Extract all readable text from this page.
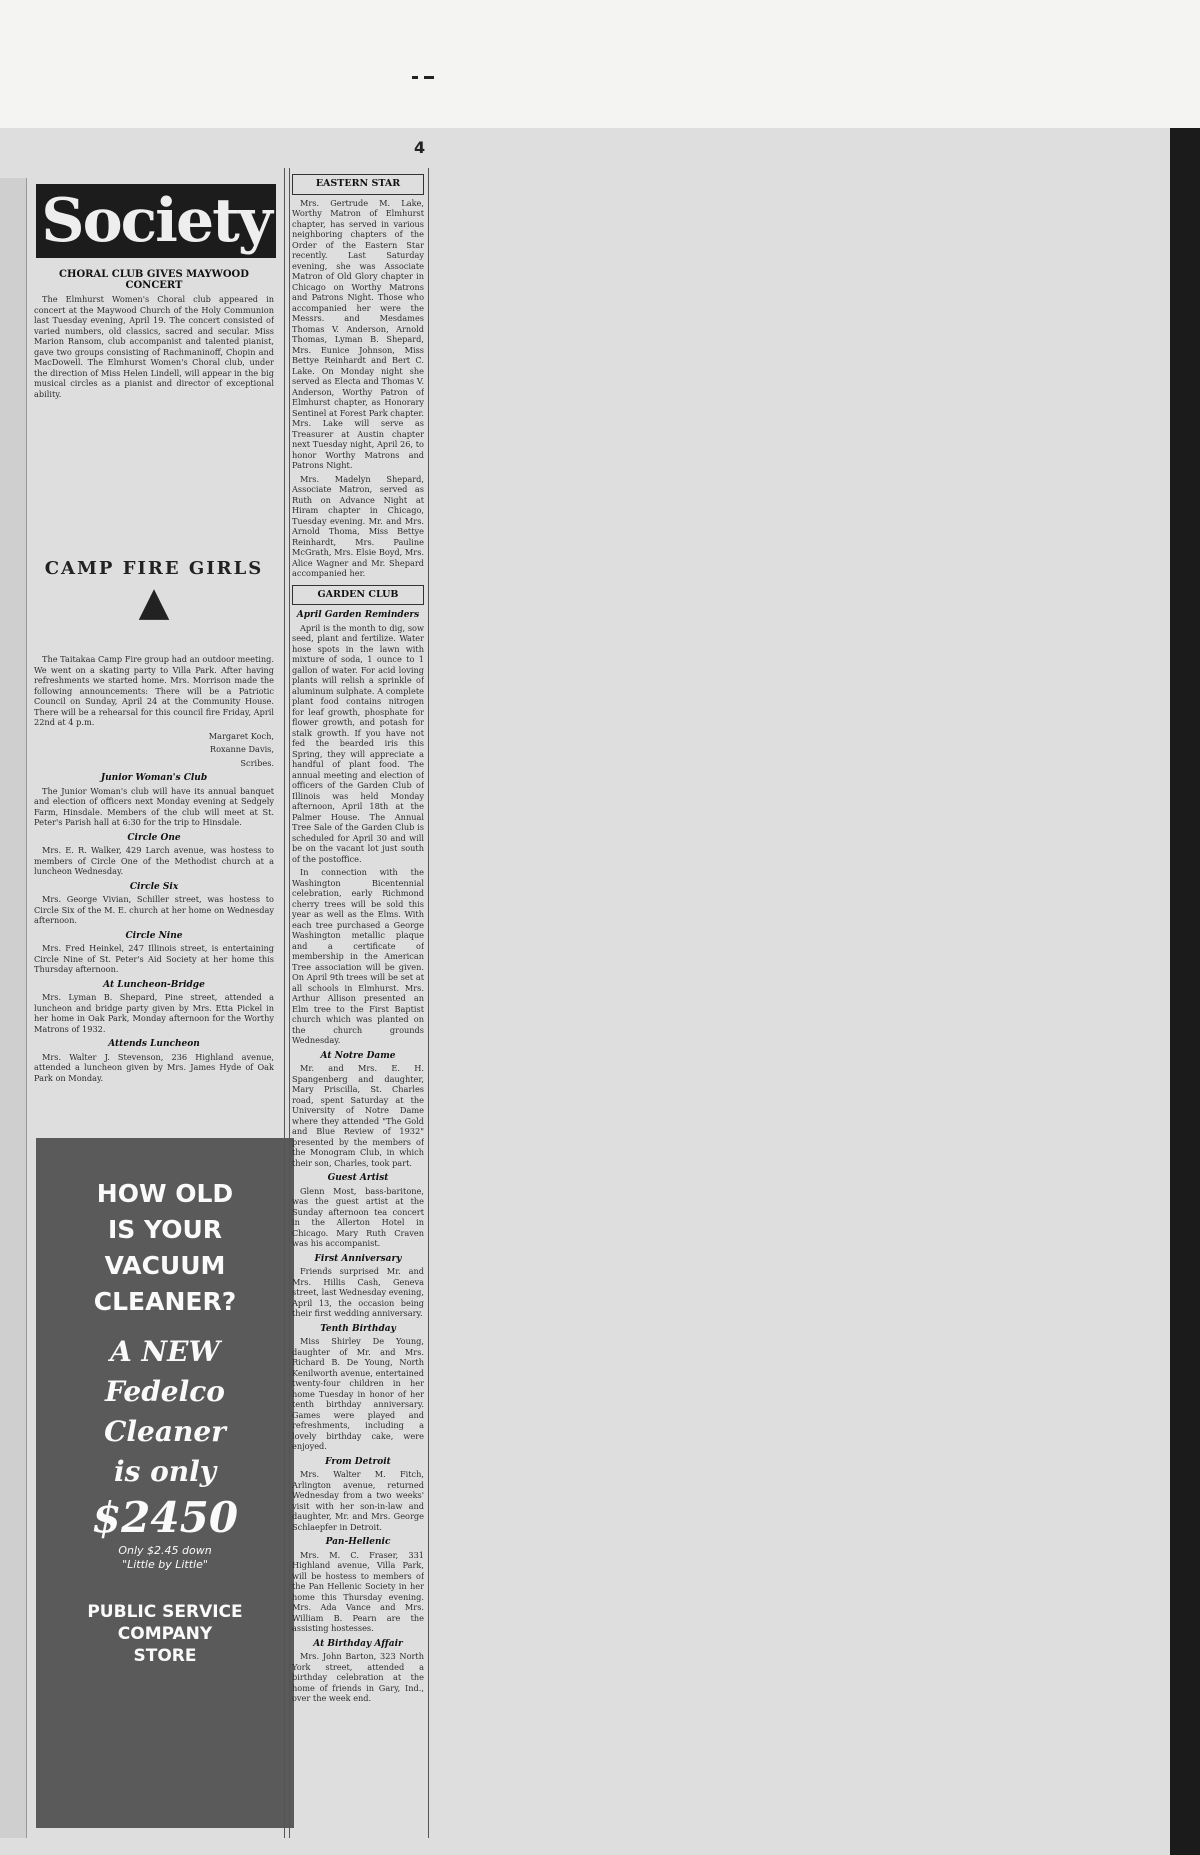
4
Society
CHORAL CLUB GIVES MAYWOOD CONCERT

The Elmhurst Women's Choral club appeared in concert at the Maywood Church of the Holy Communion last Tuesday evening, April 19. The concert consisted of varied numbers, old classics, sacred and secular. Miss Marion Ransom, club accompanist and talented pianist, gave two groups consisting of Rachmaninoff, Chopin and MacDowell. The Elmhurst Women's Choral club, under the direction of Miss Helen Lindell, will appear in the big musical circles as a pianist and director of exceptional ability.

CAMP FIRE GIRLS
▲

The Taitakaa Camp Fire group had an outdoor meeting. We went on a skating party to Villa Park. After having refreshments we started home. Mrs. Morrison made the following announcements: There will be a Patriotic Council on Sunday, April 24 at the Community House. There will be a rehearsal for this council fire Friday, April 22nd at 4 p.m.

Margaret Koch,

Roxanne Davis,

Scribes.

Junior Woman's Club

The Junior Woman's club will have its annual banquet and election of officers next Monday evening at Sedgely Farm, Hinsdale. Members of the club will meet at St. Peter's Parish hall at 6:30 for the trip to Hinsdale.

Circle One

Mrs. E. R. Walker, 429 Larch avenue, was hostess to members of Circle One of the Methodist church at a luncheon Wednesday.

Circle Six

Mrs. George Vivian, Schiller street, was hostess to Circle Six of the M. E. church at her home on Wednesday afternoon.

Circle Nine

Mrs. Fred Heinkel, 247 Illinois street, is entertaining Circle Nine of St. Peter's Aid Society at her home this Thursday afternoon.

At Luncheon-Bridge

Mrs. Lyman B. Shepard, Pine street, attended a luncheon and bridge party given by Mrs. Etta Pickel in her home in Oak Park, Monday afternoon for the Worthy Matrons of 1932.

Attends Luncheon

Mrs. Walter J. Stevenson, 236 Highland avenue, attended a luncheon given by Mrs. James Hyde of Oak Park on Monday.

HOW OLD
IS YOUR
VACUUM
CLEANER?
A NEW
Fedelco
Cleaner
is only
$2450
Only $2.45 down
"Little by Little"
PUBLIC SERVICE
COMPANY
STORE
EASTERN STAR

Mrs. Gertrude M. Lake, Worthy Matron of Elmhurst chapter, has served in various neighboring chapters of the Order of the Eastern Star recently. Last Saturday evening, she was Associate Matron of Old Glory chapter in Chicago on Worthy Matrons and Patrons Night. Those who accompanied her were the Messrs. and Mesdames Thomas V. Anderson, Arnold Thomas, Lyman B. Shepard, Mrs. Eunice Johnson, Miss Bettye Reinhardt and Bert C. Lake. On Monday night she served as Electa and Thomas V. Anderson, Worthy Patron of Elmhurst chapter, as Honorary Sentinel at Forest Park chapter. Mrs. Lake will serve as Treasurer at Austin chapter next Tuesday night, April 26, to honor Worthy Matrons and Patrons Night.

Mrs. Madelyn Shepard, Associate Matron, served as Ruth on Advance Night at Hiram chapter in Chicago, Tuesday evening. Mr. and Mrs. Arnold Thoma, Miss Bettye Reinhardt, Mrs. Pauline McGrath, Mrs. Elsie Boyd, Mrs. Alice Wagner and Mr. Shepard accompanied her.

GARDEN CLUB
April Garden Reminders

April is the month to dig, sow seed, plant and fertilize. Water hose spots in the lawn with mixture of soda, 1 ounce to 1 gallon of water. For acid loving plants will relish a sprinkle of aluminum sulphate. A complete plant food contains nitrogen for leaf growth, phosphate for flower growth, and potash for stalk growth. If you have not fed the bearded iris this Spring, they will appreciate a handful of plant food. The annual meeting and election of officers of the Garden Club of Illinois was held Monday afternoon, April 18th at the Palmer House. The Annual Tree Sale of the Garden Club is scheduled for April 30 and will be on the vacant lot just south of the postoffice.

In connection with the Washington Bicentennial celebration, early Richmond cherry trees will be sold this year as well as the Elms. With each tree purchased a George Washington metallic plaque and a certificate of membership in the American Tree association will be given. On April 9th trees will be set at all schools in Elmhurst. Mrs. Arthur Allison presented an Elm tree to the First Baptist church which was planted on the church grounds Wednesday.

At Notre Dame

Mr. and Mrs. E. H. Spangenberg and daughter, Mary Priscilla, St. Charles road, spent Saturday at the University of Notre Dame where they attended "The Gold and Blue Review of 1932" presented by the members of the Monogram Club, in which their son, Charles, took part.

Guest Artist

Glenn Most, bass-baritone, was the guest artist at the Sunday afternoon tea concert in the Allerton Hotel in Chicago. Mary Ruth Craven was his accompanist.

First Anniversary

Friends surprised Mr. and Mrs. Hillis Cash, Geneva street, last Wednesday evening, April 13, the occasion being their first wedding anniversary.

Tenth Birthday

Miss Shirley De Young, daughter of Mr. and Mrs. Richard B. De Young, North Kenilworth avenue, entertained twenty-four children in her home Tuesday in honor of her tenth birthday anniversary. Games were played and refreshments, including a lovely birthday cake, were enjoyed.

From Detroit

Mrs. Walter M. Fitch, Arlington avenue, returned Wednesday from a two weeks' visit with her son-in-law and daughter, Mr. and Mrs. George Schlaepfer in Detroit.

Pan-Hellenic

Mrs. M. C. Fraser, 331 Highland avenue, Villa Park, will be hostess to members of the Pan Hellenic Society in her home this Thursday evening. Mrs. Ada Vance and Mrs. William B. Pearn are the assisting hostesses.

At Birthday Affair

Mrs. John Barton, 323 North York street, attended a birthday celebration at the home of friends in Gary, Ind., over the week end.
